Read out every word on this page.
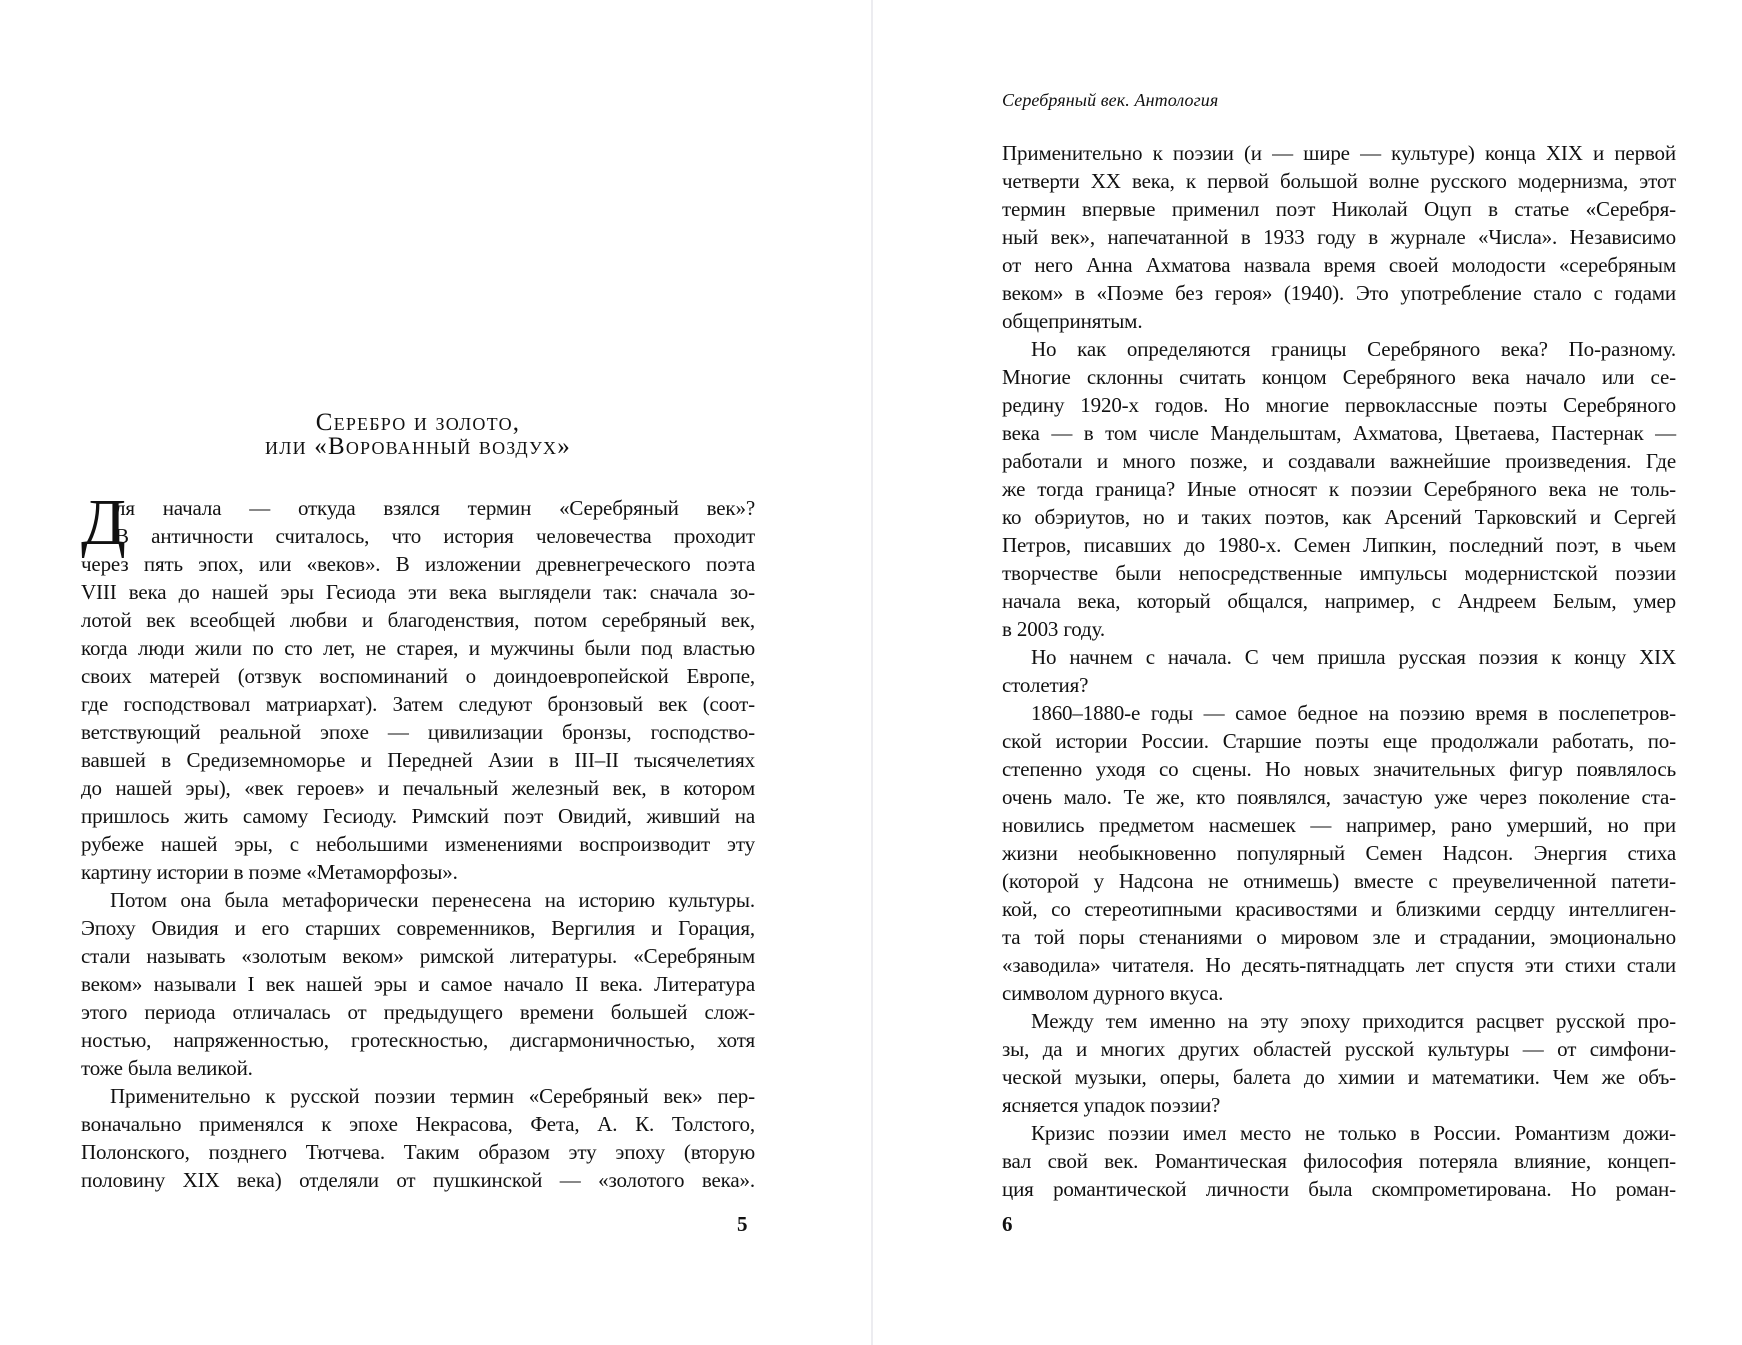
Серебро и золото,
или «Ворованный воздух»
Д
ля начала — откуда взялся термин «Серебряный век»?
В античности считалось, что история человечества проходит
через пять эпох, или «веков». В изложении древнегреческого поэта
VIII века до нашей эры Гесиода эти века выглядели так: сначала зо-
лотой век всеобщей любви и благоденствия, потом серебряный век,
когда люди жили по сто лет, не старея, и мужчины были под властью
своих матерей (отзвук воспоминаний о доиндоевропейской Европе,
где господствовал матриархат). Затем следуют бронзовый век (соот-
ветствующий реальной эпохе — цивилизации бронзы, господство-
вавшей в Средиземноморье и Передней Азии в III–II тысячелетиях
до нашей эры), «век героев» и печальный железный век, в котором
пришлось жить самому Гесиоду. Римский поэт Овидий, живший на
рубеже нашей эры, с небольшими изменениями воспроизводит эту
картину истории в поэме «Метаморфозы».
Потом она была метафорически перенесена на историю культуры.
Эпоху Овидия и его старших современников, Вергилия и Горация,
стали называть «золотым веком» римской литературы. «Серебряным
веком» называли I век нашей эры и самое начало II века. Литература
этого периода отличалась от предыдущего времени большей слож-
ностью, напряженностью, гротескностью, дисгармоничностью, хотя
тоже была великой.
Применительно к русской поэзии термин «Серебряный век» пер-
воначально применялся к эпохе Некрасова, Фета, А. К. Толстого,
Полонского, позднего Тютчева. Таким образом эту эпоху (вторую
половину XIX века) отделяли от пушкинской — «золотого века».
5
Серебряный век. Антология
Применительно к поэзии (и — шире — культуре) конца XIX и первой
четверти XX века, к первой большой волне русского модернизма, этот
термин впервые применил поэт Николай Оцуп в статье «Серебря-
ный век», напечатанной в 1933 году в журнале «Числа». Независимо
от него Анна Ахматова назвала время своей молодости «серебряным
веком» в «Поэме без героя» (1940). Это употребление стало с годами
общепринятым.
Но как определяются границы Серебряного века? По-разному.
Многие склонны считать концом Серебряного века начало или се-
редину 1920-х годов. Но многие первоклассные поэты Серебряного
века — в том числе Мандельштам, Ахматова, Цветаева, Пастернак —
работали и много позже, и создавали важнейшие произведения. Где
же тогда граница? Иные относят к поэзии Серебряного века не толь-
ко обэриутов, но и таких поэтов, как Арсений Тарковский и Сергей
Петров, писавших до 1980-х. Семен Липкин, последний поэт, в чьем
творчестве были непосредственные импульсы модернистской поэзии
начала века, который общался, например, с Андреем Белым, умер
в 2003 году.
Но начнем с начала. С чем пришла русская поэзия к концу XIX
столетия?
1860–1880-е годы — самое бедное на поэзию время в послепетров-
ской истории России. Старшие поэты еще продолжали работать, по-
степенно уходя со сцены. Но новых значительных фигур появлялось
очень мало. Те же, кто появлялся, зачастую уже через поколение ста-
новились предметом насмешек — например, рано умерший, но при
жизни необыкновенно популярный Семен Надсон. Энергия стиха
(которой у Надсона не отнимешь) вместе с преувеличенной патети-
кой, со стереотипными красивостями и близкими сердцу интеллиген-
та той поры стенаниями о мировом зле и страдании, эмоционально
«заводила» читателя. Но десять-пятнадцать лет спустя эти стихи стали
символом дурного вкуса.
Между тем именно на эту эпоху приходится расцвет русской про-
зы, да и многих других областей русской культуры — от симфони-
ческой музыки, оперы, балета до химии и математики. Чем же объ-
ясняется упадок поэзии?
Кризис поэзии имел место не только в России. Романтизм дожи-
вал свой век. Романтическая философия потеряла влияние, концеп-
ция романтической личности была скомпрометирована. Но роман-
6
